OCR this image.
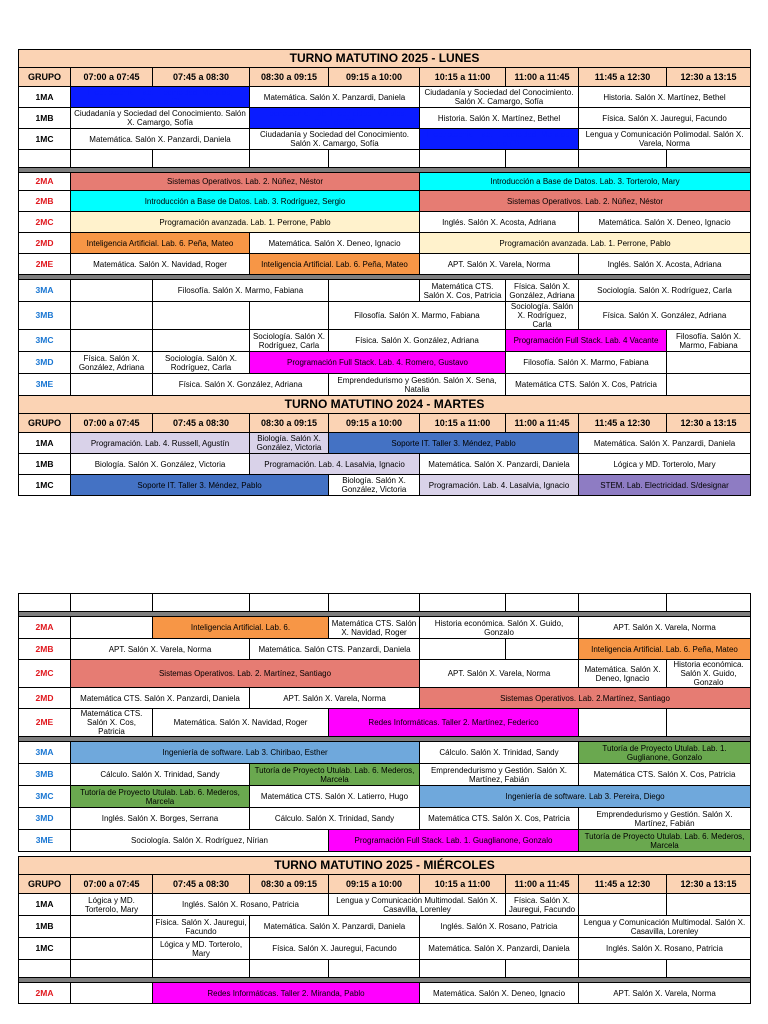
TURNO MATUTINO 2025 - LUNES								
GRUPO	07:00 a 07:45	07:45 a 08:30	08:30 a 09:15	09:15 a 10:00	10:15 a 11:00	11:00 a 11:45	11:45 a 12:30	12:30 a 13:15
1MA	Electrotecnia. Lab. Electricidad. Morales, Orlando (3)		Matemática. Salón X. Panzardi, Daniela		Ciudadanía y Sociedad del Conocimiento. Salón X. Camargo, Sofía		Historia. Salón X. Martínez, Bethel	
1MB	Ciudadanía y Sociedad del Conocimiento. Salón X. Camargo, Sofía		Electrotecnia. Lab. Electricidad. Morales, Orlando (3)		Historia. Salón X. Martínez, Bethel		Física. Salón X. Jauregui, Facundo	
1MC	Matemática. Salón X. Panzardi, Daniela		Ciudadanía y Sociedad del Conocimiento. Salón X. Camargo, Sofía		Electrotecnia. Lab. Electricidad. Morales, Orlando (3)		Lengua y Comunicación Polimodal. Salón X. Varela, Norma	

2MA	Sistemas Operativos. Lab. 2. Núñez, Néstor				Introducción a Base de Datos. Lab. 3. Torterolo, Mary			
2MB	Introducción a Base de Datos. Lab. 3. Rodríguez, Sergio				Sistemas Operativos. Lab. 2. Núñez, Néstor			
2MC	Programación avanzada. Lab. 1. Perrone, Pablo				Inglés. Salón X. Acosta, Adriana		Matemática. Salón X. Deneo, Ignacio	
2MD	Inteligencia Artificial. Lab. 6. Peña, Mateo		Matemática. Salón X. Deneo, Ignacio		Programación avanzada. Lab. 1. Perrone, Pablo			
2ME	Matemática. Salón X. Navidad, Roger		Inteligencia Artificial. Lab. 6. Peña, Mateo		APT. Salón X. Varela, Norma		Inglés. Salón X. Acosta, Adriana	

3MA		Filosofía. Salón X. Marmo, Fabiana			Matemática CTS. Salón X. Cos, Patricia	Física. Salón X. González, Adriana	Sociología. Salón X. Rodríguez, Carla	
3MB				Filosofía. Salón X. Marmo, Fabiana		Sociología. Salón X. Rodríguez, Carla	Física. Salón X. González, Adriana	
3MC			Sociología. Salón X. Rodríguez, Carla	Física. Salón X. González, Adriana		Programación Full Stack. Lab. 4 Vacante		Filosofía. Salón X. Marmo, Fabiana
3MD	Física. Salón X. González, Adriana	Sociología. Salón X. Rodríguez, Carla	Programación Full Stack. Lab. 4. Romero, Gustavo			Filosofía. Salón X. Marmo, Fabiana		
3ME		Física. Salón X. González, Adriana		Emprendedurismo y Gestión. Salón X. Sena, Natalia		Matemática CTS. Salón X. Cos, Patricia		
TURNO MATUTINO 2024 - MARTES								
GRUPO	07:00 a 07:45	07:45 a 08:30	08:30 a 09:15	09:15 a 10:00	10:15 a 11:00	11:00 a 11:45	11:45 a 12:30	12:30 a 13:15
1MA	Programación. Lab. 4. Russell, Agustín		Biología. Salón X. González, Victoria	Soporte IT. Taller 3. Méndez, Pablo			Matemática. Salón X. Panzardi, Daniela	
1MB	Biología. Salón X. González, Victoria		Programación. Lab. 4. Lasalvia, Ignacio		Matemática. Salón X. Panzardi, Daniela		Lógica y MD. Torterolo, Mary	
1MC	Soporte IT. Taller 3. Méndez, Pablo			Biología. Salón X. González, Victoria	Programación. Lab. 4. Lasalvia, Ignacio		STEM. Lab. Electricidad. S/designar	

2MA		Inteligencia Artificial. Lab. 6.		Matemática CTS. Salón X. Navidad, Roger	Historia económica. Salón X. Guido, Gonzalo		APT. Salón X. Varela, Norma	
2MB	APT. Salón X. Varela, Norma		Matemática. Salón CTS. Panzardi, Daniela				Inteligencia Artificial. Lab. 6. Peña, Mateo	
2MC	Sistemas Operativos. Lab. 2. Martínez, Santiago				APT. Salón X. Varela, Norma		Matemática. Salón X. Deneo, Ignacio	Historia económica. Salón X. Guido, Gonzalo
2MD	Matemática CTS. Salón X. Panzardi, Daniela		APT. Salón X. Varela, Norma		Sistemas Operativos. Lab. 2.Martínez, Santiago			
2ME	Matemática CTS. Salón X. Cos, Patricia	Matemática. Salón X. Navidad, Roger		Redes Informáticas. Taller 2. Martínez, Federico				

3MA	Ingeniería de software. Lab 3. Chiribao, Esther				Cálculo. Salón X. Trinidad, Sandy		Tutoría de Proyecto Utulab. Lab. 1. Guglianone, Gonzalo	
3MB	Cálculo. Salón X. Trinidad, Sandy		Tutoría de Proyecto Utulab. Lab. 6. Mederos, Marcela		Emprendedurismo y Gestión. Salón X. Martínez, Fabián		Matemática CTS. Salón X. Cos, Patricia	
3MC	Tutoría de Proyecto Utulab. Lab. 6. Mederos, Marcela		Matemática CTS. Salón X. Latierro, Hugo		Ingeniería de software. Lab 3. Pereira, Diego			
3MD	Inglés. Salón X. Borges, Serrana		Cálculo. Salón X. Trinidad, Sandy		Matemática CTS. Salón X. Cos, Patricia		Emprendedurismo y Gestión. Salón X. Martínez, Fabián	
3ME	Sociología. Salón X. Rodríguez, Nírian			Programación Full Stack. Lab. 1. Guaglianone, Gonzalo			Tutoría de Proyecto Utulab. Lab. 6. Mederos, Marcela	

TURNO MATUTINO 2025 - MIÉRCOLES								
GRUPO	07:00 a 07:45	07:45 a 08:30	08:30 a 09:15	09:15 a 10:00	10:15 a 11:00	11:00 a 11:45	11:45 a 12:30	12:30 a 13:15
1MA	Lógica y MD. Torterolo, Mary	Inglés. Salón X. Rosano, Patricia		Lengua y Comunicación Multimodal. Salón X. Casavilla, Lorenley		Física. Salón X. Jauregui, Facundo		
1MB		Física. Salón X. Jauregui, Facundo	Matemática. Salón X. Panzardi, Daniela		Inglés. Salón X. Rosano, Patricia		Lengua y Comunicación Multimodal. Salón X. Casavilla, Lorenley	
1MC		Lógica y MD. Torterolo, Mary	Física. Salón X. Jauregui, Facundo		Matemática. Salón X. Panzardi, Daniela		Inglés. Salón X. Rosano, Patricia	

2MA		Redes Informáticas. Taller 2. Miranda, Pablo			Matemática. Salón X. Deneo, Ignacio		APT. Salón X. Varela, Norma	
